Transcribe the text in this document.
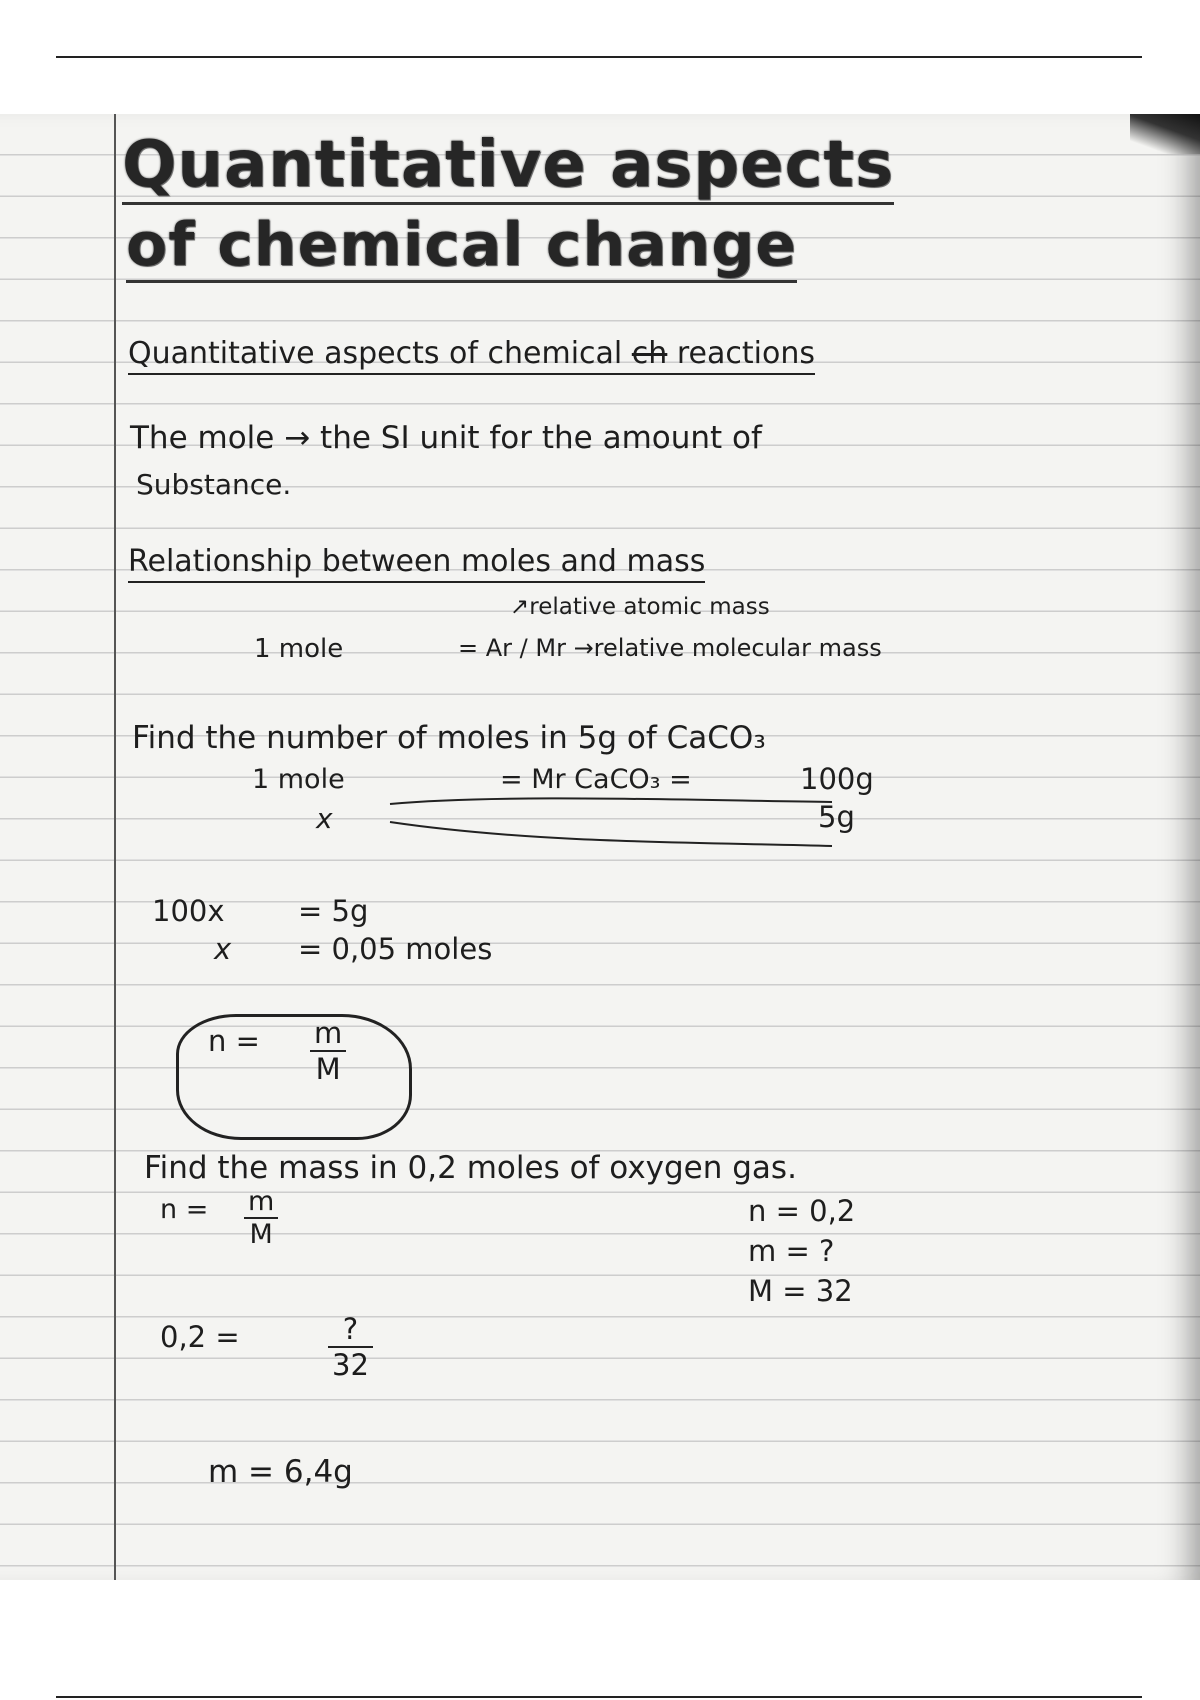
Quantitative aspects
of chemical change
Quantitative aspects of chemical ch reactions
The mole → the SI unit for the amount of
Substance.
Relationship between moles and mass
↗relative atomic mass
1 mole	= Ar / Mr →relative molecular mass
Find the number of moles in 5g of CaCO₃
1 mole	= Mr CaCO₃ =	100g
x	5g
100x	= 5g
x = 0,05 moles
$n = \frac{m}{M}$
Find the mass in 0,2 moles of oxygen gas.
$n = \frac{m}{M}$	n = 0,2
m = ?
M = 32
0,2 =	?
32
m = 6,4g
